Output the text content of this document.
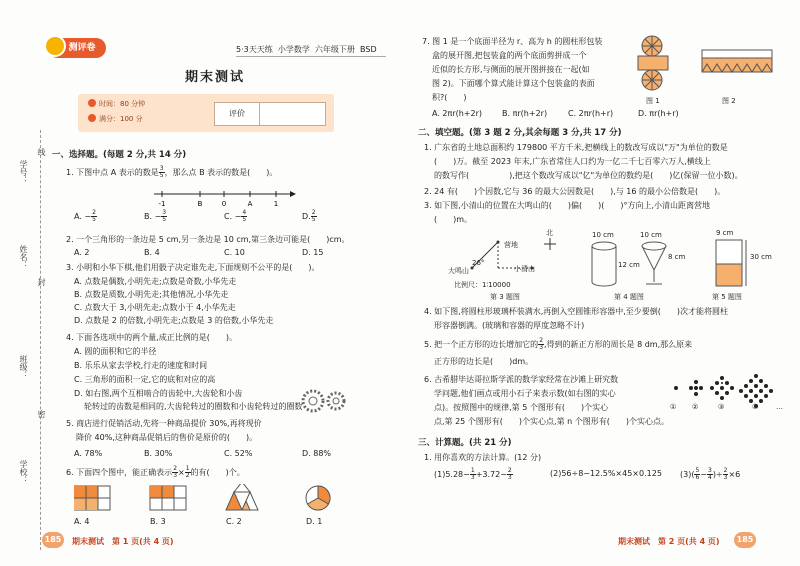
测评卷	5·3天天练 小学数学 六年级下册 BSD
期末测试
时间：80 分钟
满分：100 分
评价
学号：
姓名：
班级：
学校：
线
封
密
一、选择题。(每题 2 分,共 14 分)
1. 下图中点 A 表示的数是 $\frac{3}{5}$ ，那么点 B 表示的数是(　　)。
-1	B	0	A	1
A. − $\frac{2}{5}$	B. − $\frac{3}{5}$	C. − $\frac{4}{5}$	D. $\frac{2}{5}$
2. 一个三角形的一条边是 5 cm,另一条边是 10 cm,第三条边可能是(　　)cm。
A. 2	B. 4	C. 10	D. 15
3. 小明和小华下棋,他们用骰子决定谁先走,下面规则不公平的是(　　)。
A. 点数是偶数,小明先走;点数是奇数,小华先走
B. 点数是质数,小明先走;其他情况,小华先走
C. 点数大于 3,小明先走;点数小于 4,小华先走
D. 点数是 2 的倍数,小明先走;点数是 3 的倍数,小华先走
4. 下面各选项中的两个量,成正比例的是(　　)。
A. 圆的面积和它的半径
B. 乐乐从家去学校,行走的速度和时间
C. 三角形的面积一定,它的底和对应的高
D. 如右图,两个互相啮合的齿轮中,大齿轮和小齿
轮转过的齿数是相同的,大齿轮转过的圈数和小齿轮转过的圈数
5. 商店进行促销活动,先将一种商品提价 30%,再将现价
降价 40%,这种商品促销后的售价是原价的(　　)。
A. 78%	B. 30%	C. 52%	D. 88%
6. 下面四个图中，能正确表示 $\frac{2}{3} \times \frac{1}{2}$ 的有(　　)个。
A. 4	B. 3	C. 2	D. 1
7. 图 1 是一个底面半径为 r、高为 h 的圆柱形包装
盒的展开图,把包装盒的两个底面剪拼成一个
近似的长方形,与侧面的展开图拼接在一起(如
图 2)。下面哪个算式能计算这个包装盒的表面
积?(　　)	图 1	图 2
A. 2πr(h+2r) B. πr(h+2r)	C. 2πr(h+r)	D. πr(h+r)
二、填空题。(第 3 题 2 分,其余每题 3 分,共 17 分)
1. 广东省的土地总面积约 179800 平方千米,把横线上的数改写成以"万"为单位的数是
(　　)万。截至 2023 年末,广东省常住人口约为一亿二千七百零六万人,横线上
的数写作(　　　　　),把这个数改写成以"亿"为单位的数约是(　　)亿(保留一位小数)。
2. 24 有(　　)个因数,它与 36 的最大公因数是(　　),与 16 的最小公倍数是(　　)。
3. 如下图,小清山的位置在大鸣山的(　　)偏(　　)(　　)°方向上,小清山距离营地
(　　)m。
营地
北
大鸣山
26°
小清山
比例尺：1∶10000
10 cm
12 cm
10 cm
8 cm
9 cm
30 cm
第 3 题图	第 4 题图	第 5 题图
4. 如下图,将圆柱形玻璃杯装满水,再倒入空圆锥形容器中,至少要倒(　　)次才能将圆柱
形容器倒满。(玻璃和容器的厚度忽略不计)
5. 把一个正方形的边长增加它的 $\frac{2}{3}$ ,得到的新正方形的周长是 8 dm,那么原来
正方形的边长是(　　)dm。
6. 古希腊毕达哥拉斯学派的数学家经常在沙滩上研究数
学问题,他们画点或用小石子来表示数(如右图的实心
点)。按照图中的规律,第 5 个图形有(　　)个实心
点,第 25 个图形有(　　)个实心点,第 n 个图形有(　　)个实心点。
① ②	③	④	…
三、计算题。(共 21 分)
1. 用你喜欢的方法计算。(12 分)
$(1)5.28- \frac{1}{3} +3.72- \frac{2}{3}$	(2)56÷8−12.5%×45×0.125 $(3)( \frac{5}{6} - \frac{3}{4}$ )÷ $\frac{2}{3} \times 6$
185	期末测试　第 1 页(共 4 页)	期末测试　第 2 页(共 4 页)	185
